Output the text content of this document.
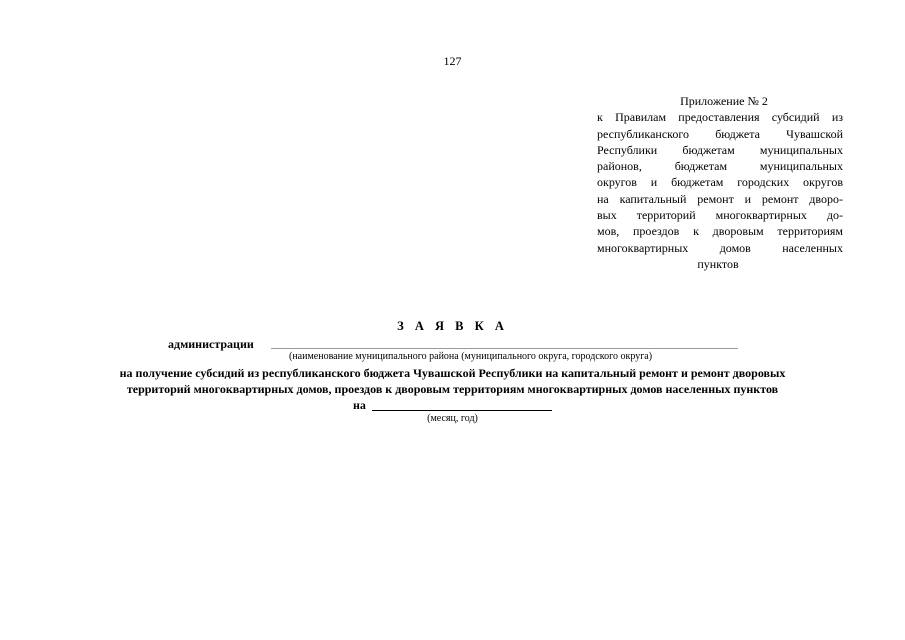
127
Приложение № 2
к Правилам предоставления субсидий из
республиканского бюджета Чувашской
Республики бюджетам муниципальных
районов, бюджетам муниципальных
округов и бюджетам городских округов
на капитальный ремонт и ремонт дворо-
вых территорий многоквартирных до-
мов, проездов к дворовым территориям
многоквартирных домов населенных
пунктов
З А Я В К А
администрации
(наименование муниципального района (муниципального округа, городского округа)
на получение субсидий из республиканского бюджета Чувашской Республики на капитальный ремонт и ремонт дворовых
территорий многоквартирных домов, проездов к дворовым территориям многоквартирных домов населенных пунктов
на
(месяц, год)
